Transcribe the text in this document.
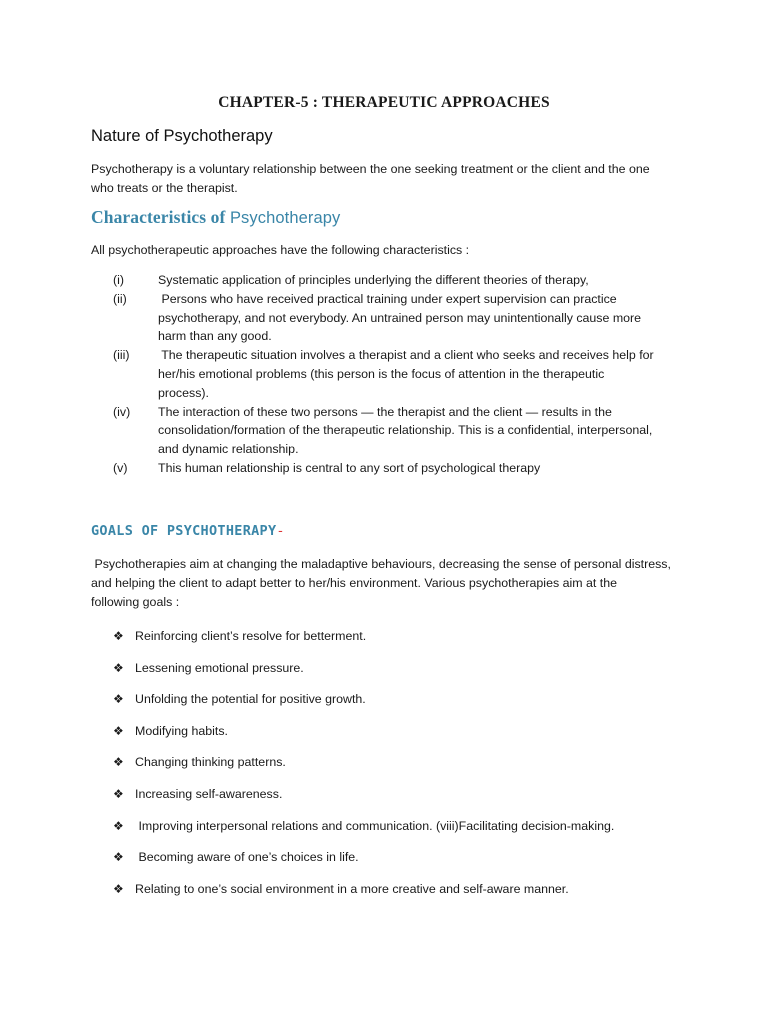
CHAPTER-5 : THERAPEUTIC APPROACHES
Nature of Psychotherapy

Psychotherapy is a voluntary relationship between the one seeking treatment or the client and the one
who treats or the therapist.

Characteristics of Psychotherapy

All psychotherapeutic approaches have the following characteristics :

(i)	Systematic application of principles underlying the different theories of therapy,
(ii)	Persons who have received practical training under expert supervision can practice
psychotherapy, and not everybody. An untrained person may unintentionally cause more
harm than any good.
(iii)	The therapeutic situation involves a therapist and a client who seeks and receives help for
her/his emotional problems (this person is the focus of attention in the therapeutic
process).
(iv)	The interaction of these two persons — the therapist and the client — results in the
consolidation/formation of the therapeutic relationship. This is a confidential, interpersonal,
and dynamic relationship.
(v)	This human relationship is central to any sort of psychological therapy
GOALS OF PSYCHOTHERAPY-

Psychotherapies aim at changing the maladaptive behaviours, decreasing the sense of personal distress,
and helping the client to adapt better to her/his environment. Various psychotherapies aim at the
following goals :

❖ Reinforcing client’s resolve for betterment.
❖ Lessening emotional pressure.
❖ Unfolding the potential for positive growth.
❖ Modifying habits.
❖ Changing thinking patterns.
❖ Increasing self-awareness.
❖ Improving interpersonal relations and communication. (viii)Facilitating decision-making.
❖ Becoming aware of one’s choices in life.
❖ Relating to one’s social environment in a more creative and self-aware manner.
